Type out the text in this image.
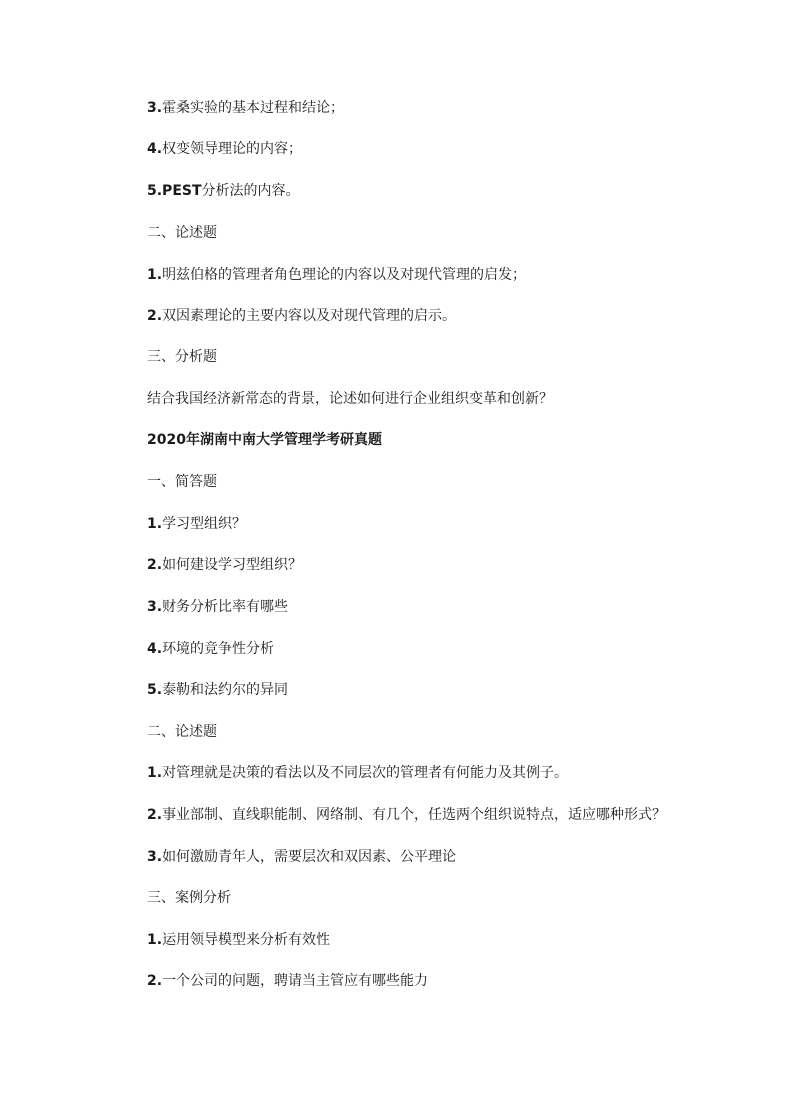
3.霍桑实验的基本过程和结论；
4.权变领导理论的内容；
5.PEST分析法的内容。
二、论述题
1.明兹伯格的管理者角色理论的内容以及对现代管理的启发；
2.双因素理论的主要内容以及对现代管理的启示。
三、分析题
结合我国经济新常态的背景，论述如何进行企业组织变革和创新？
2020年湖南中南大学管理学考研真题
一、简答题
1.学习型组织？
2.如何建设学习型组织？
3.财务分析比率有哪些
4.环境的竞争性分析
5.泰勒和法约尔的异同
二、论述题
1.对管理就是决策的看法以及不同层次的管理者有何能力及其例子。
2.事业部制、直线职能制、网络制、有几个，任选两个组织说特点，适应哪种形式？
3.如何激励青年人，需要层次和双因素、公平理论
三、案例分析
1.运用领导模型来分析有效性
2.一个公司的问题，聘请当主管应有哪些能力
